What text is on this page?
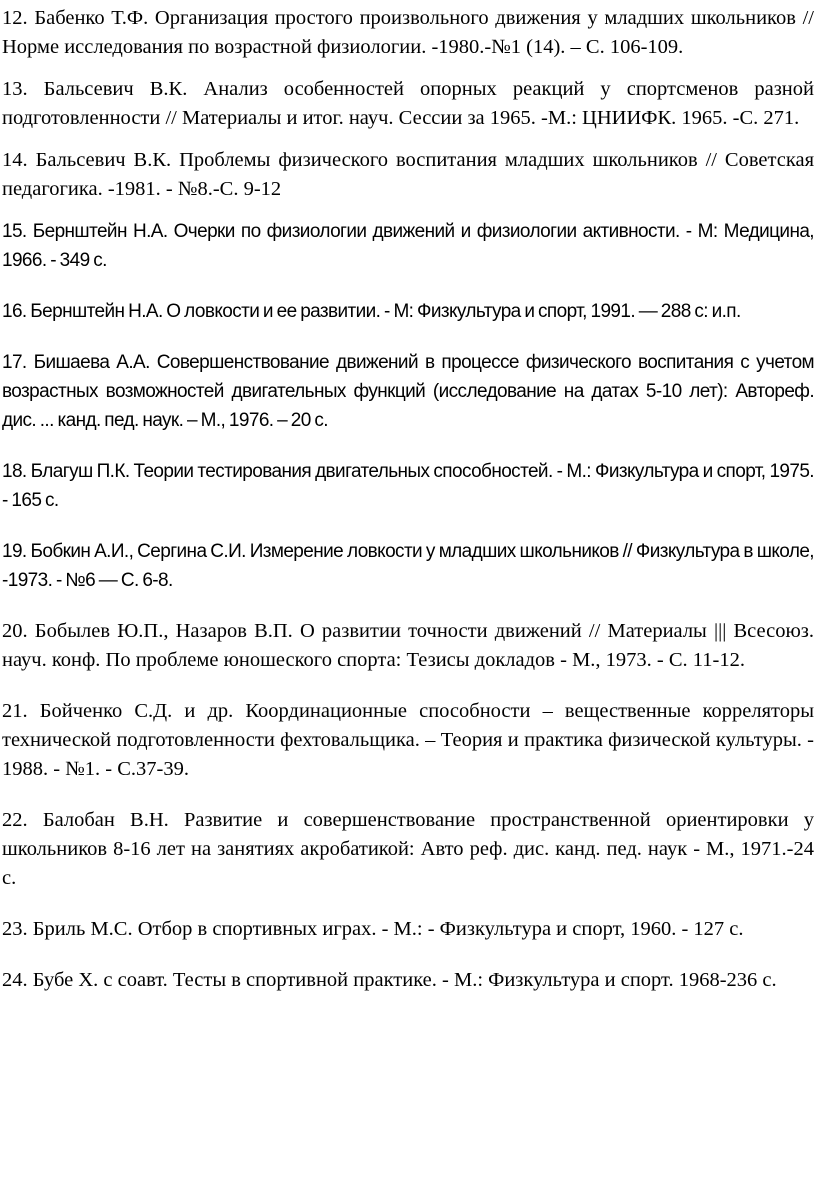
12. Бабенко Т.Ф. Организация простого произвольного движения у младших школьников // Норме исследования по возрастной физиологии. -1980.-№1 (14). – С. 106-109.

13. Бальсевич В.К. Анализ особенностей опорных реакций у спортсменов разной подготовленности // Материалы и итог. науч. Сессии за 1965. -М.: ЦНИИФК. 1965. -С. 271.

14. Бальсевич В.К. Проблемы физического воспитания младших школьников // Советская педагогика. -1981. - №8.-С. 9-12

15. Бернштейн Н.А. Очерки по физиологии движений и физиологии активности. - М: Медицина, 1966. - 349 с.

16. Бернштейн Н.А. О ловкости и ее развитии. - М: Физкультура и спорт, 1991. — 288 с: и.п.

17. Бишаева А.А. Совершенствование движений в процессе физического воспитания с учетом возрастных возможностей двигательных функций (исследование на датах 5-10 лет): Автореф. дис. ... канд. пед. наук. – М., 1976. – 20 с.

18. Благуш П.К. Теории тестирования двигательных способностей. - М.: Физкультура и спорт, 1975. - 165 с.

19. Бобкин А.И., Сергина С.И. Измерение ловкости у младших школьников // Физкультура в школе, -1973. - №6 — С. 6-8.

20. Бобылев Ю.П., Назаров В.П. О развитии точности движений // Материалы ||| Всесоюз. науч. конф. По проблеме юношеского спорта: Тезисы докладов - М., 1973. - С. 11-12.

21. Бойченко С.Д. и др. Координационные способности – вещественные корреляторы технической подготовленности фехтовальщика. – Теория и практика физической культуры. - 1988. - №1. - С.37-39.

22. Балобан В.Н. Развитие и совершенствование пространственной ориентировки у школьников 8-16 лет на занятиях акробатикой: Авто реф. дис. канд. пед. наук - М., 1971.-24 с.

23. Бриль М.С. Отбор в спортивных играх. - М.: - Физкультура и спорт, 1960. - 127 с.

24. Бубе Х. с соавт. Тесты в спортивной практике. - М.: Физкультура и спорт. 1968-236 с.
